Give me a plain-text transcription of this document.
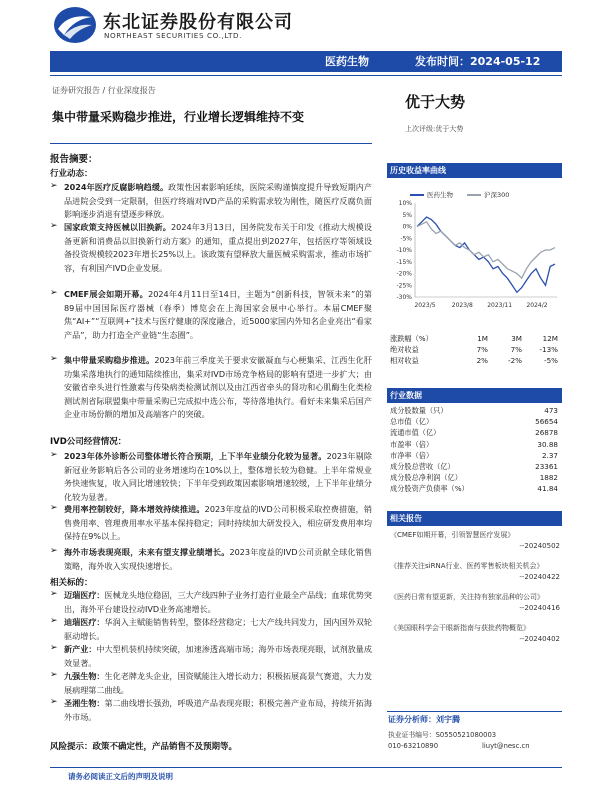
东北证券股份有限公司
NORTHEAST SECURITIES CO.,LTD.
医药生物	发布时间：2024-05-12
证券研究报告 / 行业深度报告
集中带量采购稳步推进，行业增长逻辑维持不变
优于大势
上次评级:优于大势
报告摘要：
行业动态：
➢ 2024年医疗反腐影响趋缓。政策性因素影响延续，医院采购谨慎度提升导致短期内产品进院会受到一定限制，但医疗终端对IVD产品的采购需求较为刚性，随医疗反腐负面影响逐步消退有望逐步释放。
➢ 国家政策支持医械以旧换新。2024年3月13日，国务院发布关于印发《推动大规模设备更新和消费品以旧换新行动方案》的通知，重点提出到2027年，包括医疗等领域设备投资规模较2023年增长25%以上。该政策有望释放大量医械采购需求，推动市场扩容，有利国产IVD企业发展。
➢ CMEF展会如期开幕。2024年4月11日至14日，主题为“创新科技，智领未来”的第89届中国国际医疗器械（春季）博览会在上海国家会展中心举行。本届CMEF聚焦“AI+”“互联网+”技术与医疗健康的深度融合，近5000家国内外知名企业亮出“看家产品”，助力打造全产业链“生态圈”。
➢ 集中带量采购稳步推进。2023年前三季度关于要求安徽凝血与心梗集采、江西生化肝功集采落地执行的通知陆续推出，集采对IVD市场竞争格局的影响有望进一步扩大；由安徽省牵头进行性激素与传染病类检测试剂以及由江西省牵头的肾功和心肌酶生化类检测试剂省际联盟集中带量采购已完成拟中选公布，等待落地执行。看好未来集采后国产企业市场份额的增加及高端客户的突破。
IVD公司经营情况：
➢ 2023年体外诊断公司整体增长符合预期，上下半年业绩分化较为显著。2023年剔除新冠业务影响后各公司的业务增速均在10%以上，整体增长较为稳健。上半年常规业务快速恢复，收入同比增速较快；下半年受到政策因素影响增速较缓，上下半年业绩分化较为显著。
➢ 费用率控制较好，降本增效持续推进。2023年度益的IVD公司积极采取控费措施，销售费用率、管理费用率水平基本保持稳定；同时持续加大研发投入，相应研发费用率均保持在9%以上。
➢ 海外市场表现亮眼，未来有望支撑业绩增长。2023年度益的IVD公司贡献全球化销售策略，海外收入实现快速增长。
相关标的：
➢ 迈瑞医疗：医械龙头地位稳固，三大产线四种子业务打造行业最全产品线；血球优势突出，海外平台建设拉动IVD业务高速增长。
➢ 迪瑞医疗：华润入主赋能销售转型，整体经营稳定；七大产线共同发力，国内国外双轮驱动增长。
➢ 新产业：中大型机装机持续突破，加速渗透高端市场；海外市场表现亮眼，试剂放量成效显著。
➢ 九强生物：生化老牌龙头企业，国资赋能注入增长动力；积极拓展高景气赛道，大力发展病理第二曲线。
➢ 圣湘生物：第二曲线增长强劲，呼吸道产品表现亮眼；积极完善产业布局，持续开拓海外市场。
风险提示：政策不确定性，产品销售不及预期等。
请务必阅读正文后的声明及说明
历史收益率曲线
医药生物	沪深300
10%
5%
0%
-5%
-10%
-15%
-20%
-25%
-30%
2023/5	2023/8 2023/11 2024/2
涨跌幅（%）	1M	3M	12M
绝对收益	7%	7%	-13%
相对收益	2%	-2%	-5%
行业数据
成分股数量（只）	473
总市值（亿）	56654
流通市值（亿）	26878
市盈率（倍）	30.88
市净率（倍）	2.37
成分股总营收（亿）	23361
成分股总净利润（亿）	1882
成分股资产负债率（%）	41.84
相关报告
《CMEF如期开幕，引领智慧医疗发展》
--20240502
《推荐关注siRNA行业、医药零售板块相关机会》
--20240422
《医药日常有望更新，关注持有独家品种的公司》
--20240416
《美国眼科学会干眼新指南与获批药物概览》
--20240402
证券分析师：刘宇腾
执业证书编号：S0550521080003
010-63210890	liuyt@nesc.cn
